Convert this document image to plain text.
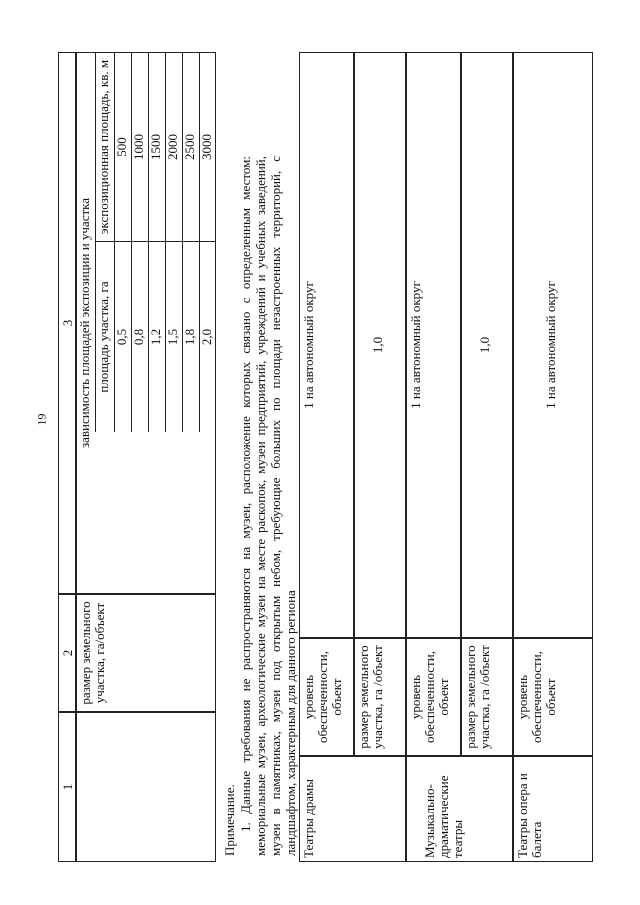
19
1
2
3
размер земельного участка, га/объект
зависимость площадей экспозиции и участка площадь участка, га
экспозиционная площадь, кв. м
0,5
500
0,8
1000
1,2
1500
1,5
2000
1,8
2500
2,0
3000
Примечание. 1. Данные требования не распространяются на музеи, расположение которых связано с определенным местом: мемориальные музеи, археологические музеи на месте раскопок, музеи предприятий, учреждений и учебных заведений, музеи в памятниках, музеи под открытым небом, требующие больших по площади незастроенных территорий, с ландшафтом, характерным для данного региона Театры драмы
уровень обеспеченности, объект
1 на автономный округ
размер земельного участка, га /объект
1,0
Музыкально-драматические театры
уровень обеспеченности, объект
1 на автономный округ
размер земельного участка, га /объект
1,0
Театры опера и балета
уровень обеспеченности, объект
1 на автономный округ
